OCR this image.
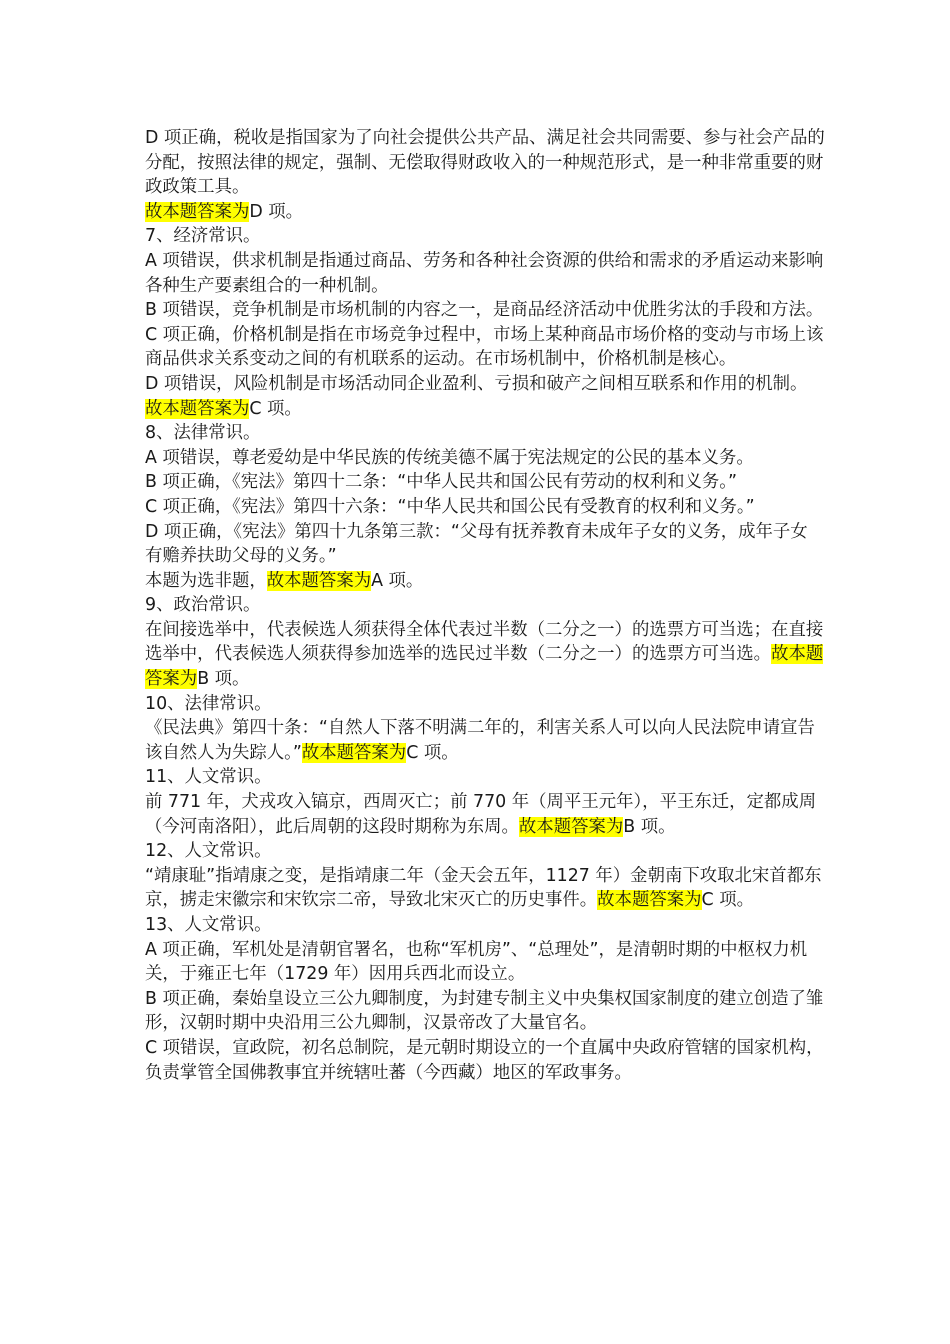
D 项正确，税收是指国家为了向社会提供公共产品、满足社会共同需要、参与社会产品的分配，按照法律的规定，强制、无偿取得财政收入的一种规范形式，是一种非常重要的财政政策工具。

故本题答案为D 项。

7、经济常识。

A 项错误，供求机制是指通过商品、劳务和各种社会资源的供给和需求的矛盾运动来影响各种生产要素组合的一种机制。

B 项错误，竞争机制是市场机制的内容之一，是商品经济活动中优胜劣汰的手段和方法。

C 项正确，价格机制是指在市场竞争过程中，市场上某种商品市场价格的变动与市场上该商品供求关系变动之间的有机联系的运动。在市场机制中，价格机制是核心。

D 项错误，风险机制是市场活动同企业盈利、亏损和破产之间相互联系和作用的机制。

故本题答案为C 项。

8、法律常识。

A 项错误，尊老爱幼是中华民族的传统美德不属于宪法规定的公民的基本义务。

B 项正确，《宪法》第四十二条：“中华人民共和国公民有劳动的权利和义务。”

C 项正确，《宪法》第四十六条：“中华人民共和国公民有受教育的权利和义务。”

D 项正确，《宪法》第四十九条第三款：“父母有抚养教育未成年子女的义务，成年子女有赡养扶助父母的义务。”

本题为选非题，故本题答案为A 项。

9、政治常识。

在间接选举中，代表候选人须获得全体代表过半数（二分之一）的选票方可当选；在直接选举中，代表候选人须获得参加选举的选民过半数（二分之一）的选票方可当选。故本题答案为B 项。

10、法律常识。

《民法典》第四十条：“自然人下落不明满二年的，利害关系人可以向人民法院申请宣告该自然人为失踪人。”故本题答案为C 项。

11、人文常识。

前 771 年，犬戎攻入镐京，西周灭亡；前 770 年（周平王元年），平王东迁，定都成周（今河南洛阳），此后周朝的这段时期称为东周。故本题答案为B 项。

12、人文常识。

“靖康耻”指靖康之变，是指靖康二年（金天会五年，1127 年）金朝南下攻取北宋首都东京，掳走宋徽宗和宋钦宗二帝，导致北宋灭亡的历史事件。故本题答案为C 项。

13、人文常识。

A 项正确，军机处是清朝官署名，也称“军机房”、“总理处”，是清朝时期的中枢权力机关，于雍正七年（1729 年）因用兵西北而设立。

B 项正确，秦始皇设立三公九卿制度，为封建专制主义中央集权国家制度的建立创造了雏形，汉朝时期中央沿用三公九卿制，汉景帝改了大量官名。

C 项错误，宣政院，初名总制院，是元朝时期设立的一个直属中央政府管辖的国家机构，负责掌管全国佛教事宜并统辖吐蕃（今西藏）地区的军政事务。
